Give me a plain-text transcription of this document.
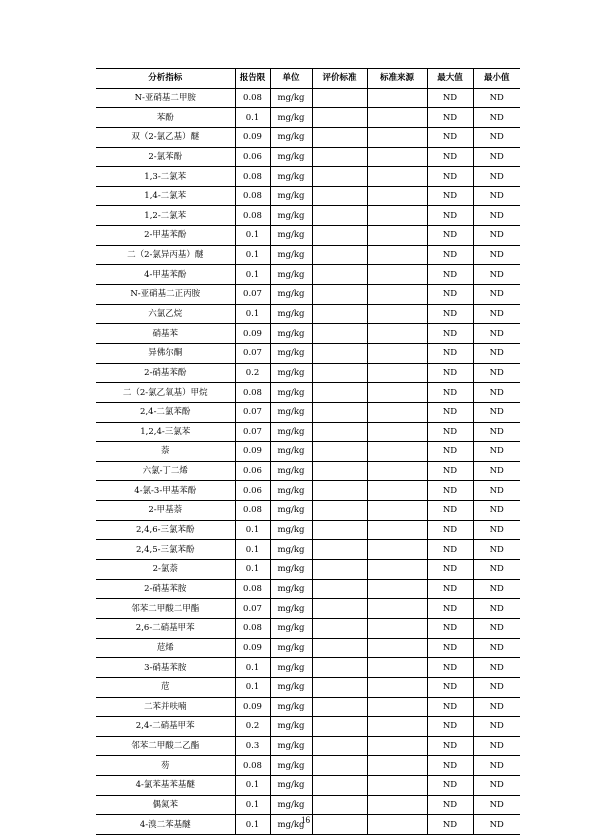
分析指标	报告限	单位	评价标准	标准来源	最大值	最小值
N-亚硝基二甲胺	0.08	mg/kg			ND	ND
苯酚	0.1	mg/kg			ND	ND
双（2-氯乙基）醚	0.09	mg/kg			ND	ND
2-氯苯酚	0.06	mg/kg			ND	ND
1,3-二氯苯	0.08	mg/kg			ND	ND
1,4-二氯苯	0.08	mg/kg			ND	ND
1,2-二氯苯	0.08	mg/kg			ND	ND
2-甲基苯酚	0.1	mg/kg			ND	ND
二（2-氯异丙基）醚	0.1	mg/kg			ND	ND
4-甲基苯酚	0.1	mg/kg			ND	ND
N-亚硝基二正丙胺	0.07	mg/kg			ND	ND
六氯乙烷	0.1	mg/kg			ND	ND
硝基苯	0.09	mg/kg			ND	ND
异佛尔酮	0.07	mg/kg			ND	ND
2-硝基苯酚	0.2	mg/kg			ND	ND
二（2-氯乙氧基）甲烷	0.08	mg/kg			ND	ND
2,4-二氯苯酚	0.07	mg/kg			ND	ND
1,2,4-三氯苯	0.07	mg/kg			ND	ND
萘	0.09	mg/kg			ND	ND
六氯-丁二烯	0.06	mg/kg			ND	ND
4-氯-3-甲基苯酚	0.06	mg/kg			ND	ND
2-甲基萘	0.08	mg/kg			ND	ND
2,4,6-三氯苯酚	0.1	mg/kg			ND	ND
2,4,5-三氯苯酚	0.1	mg/kg			ND	ND
2-氯萘	0.1	mg/kg			ND	ND
2-硝基苯胺	0.08	mg/kg			ND	ND
邻苯二甲酸二甲酯	0.07	mg/kg			ND	ND
2,6-二硝基甲苯	0.08	mg/kg			ND	ND
苊烯	0.09	mg/kg			ND	ND
3-硝基苯胺	0.1	mg/kg			ND	ND
苊	0.1	mg/kg			ND	ND
二苯并呋喃	0.09	mg/kg			ND	ND
2,4-二硝基甲苯	0.2	mg/kg			ND	ND
邻苯二甲酸二乙酯	0.3	mg/kg			ND	ND
芴	0.08	mg/kg			ND	ND
4-氯苯基苯基醚	0.1	mg/kg			ND	ND
偶氮苯	0.1	mg/kg			ND	ND
4-溴二苯基醚	0.1	mg/kg			ND	ND
16
